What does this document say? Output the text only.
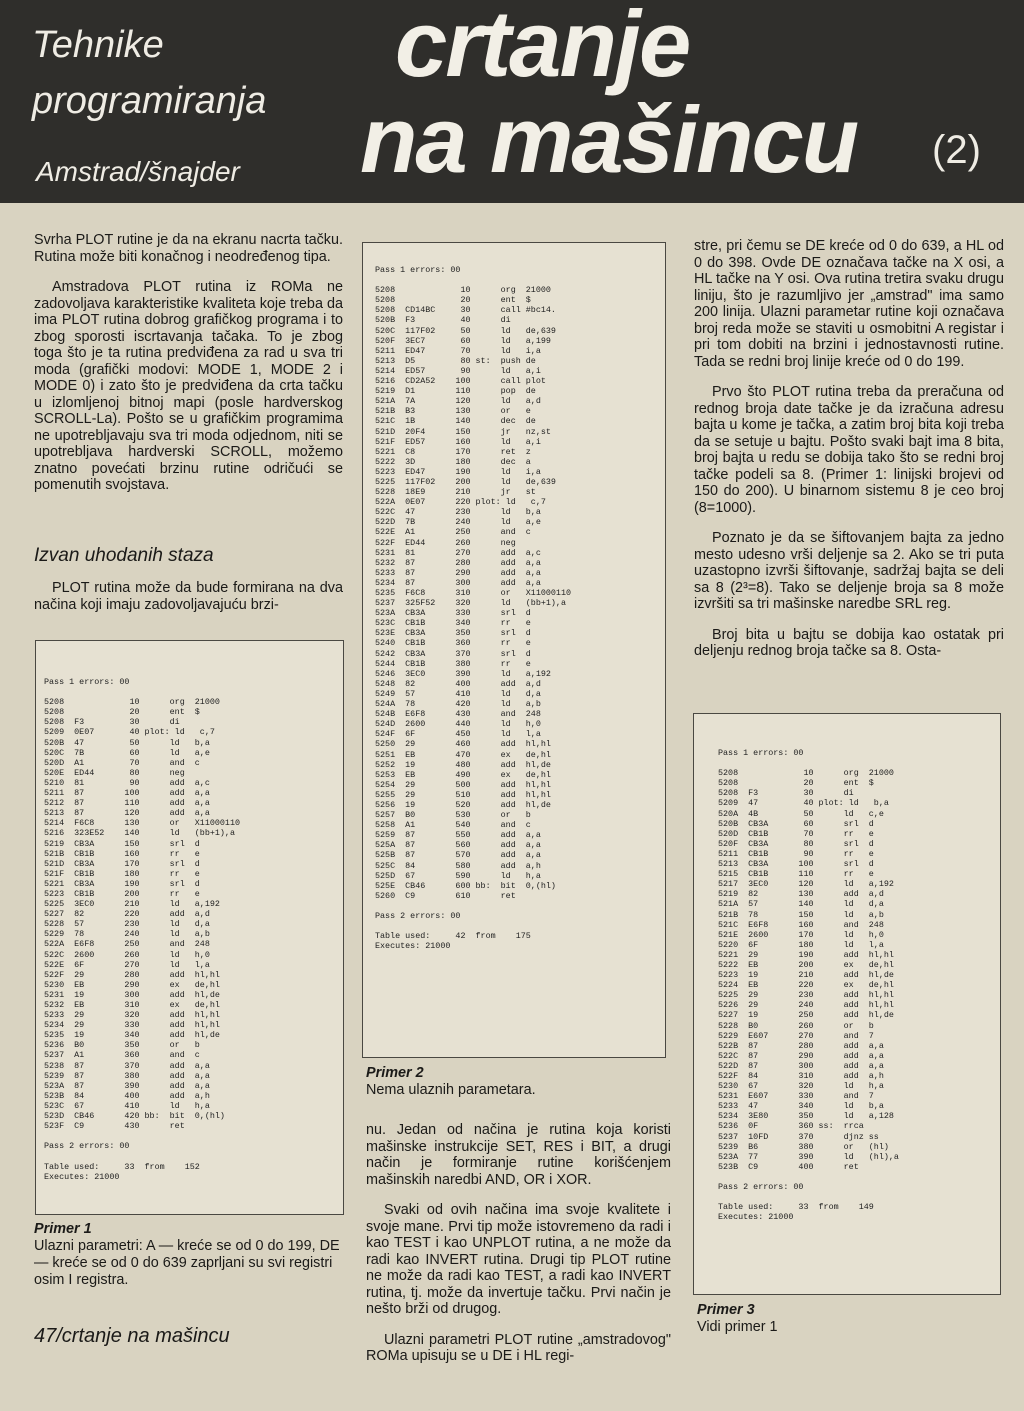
Tehnike
programiranja
Amstrad/šnajder
crtanje
na mašincu (2)

Svrha PLOT rutine je da na ekranu nacrta tačku. Rutina može biti konačnog i neodređenog tipa.

Amstradova PLOT rutina iz ROMa ne zadovoljava karakteristike kvaliteta koje treba da ima PLOT rutina dobrog grafičkog programa i to zbog sporosti iscrtavanja tačaka. To je zbog toga što je ta rutina predviđena za rad u sva tri moda (grafički modovi: MODE 1, MODE 2 i MODE 0) i zato što je predviđena da crta tačku u izlomljenoj bitnoj mapi (posle hardverskog SCROLL-La). Pošto se u grafičkim programima ne upotrebljavaju sva tri moda odjednom, niti se upotrebljava hardverski SCROLL, možemo znatno povećati brzinu rutine odričući se pomenutih svojstava.

Izvan uhodanih staza

PLOT rutina može da bude formirana na dva načina koji imaju zadovoljavajuću brzi-

Pass 1 errors: 00

5208             10      org  21000
5208             20      ent  $
5208  F3         30      di
5209  0E07       40 plot: ld   c,7
520B  47         50      ld   b,a
520C  7B         60      ld   a,e
520D  A1         70      and  c
520E  ED44       80      neg
5210  81         90      add  a,c
5211  87        100      add  a,a
5212  87        110      add  a,a
5213  87        120      add  a,a
5214  F6C8      130      or   X11000110
5216  323E52    140      ld   (bb+1),a
5219  CB3A      150      srl  d
521B  CB1B      160      rr   e
521D  CB3A      170      srl  d
521F  CB1B      180      rr   e
5221  CB3A      190      srl  d
5223  CB1B      200      rr   e
5225  3EC0      210      ld   a,192
5227  82        220      add  a,d
5228  57        230      ld   d,a
5229  78        240      ld   a,b
522A  E6F8      250      and  248
522C  2600      260      ld   h,0
522E  6F        270      ld   l,a
522F  29        280      add  hl,hl
5230  EB        290      ex   de,hl
5231  19        300      add  hl,de
5232  EB        310      ex   de,hl
5233  29        320      add  hl,hl
5234  29        330      add  hl,hl
5235  19        340      add  hl,de
5236  B0        350      or   b
5237  A1        360      and  c
5238  87        370      add  a,a
5239  87        380      add  a,a
523A  87        390      add  a,a
523B  84        400      add  a,h
523C  67        410      ld   h,a
523D  CB46      420 bb:  bit  0,(hl)
523F  C9        430      ret

Pass 2 errors: 00

Table used:     33  from    152
Executes: 21000
Primer 1
Ulazni parametri: A — kreće se od 0 do 199, DE — kreće se od 0 do 639 zaprljani su svi registri osim I registra.
47/crtanje na mašincu
Pass 1 errors: 00

5208             10      org  21000
5208             20      ent  $
5208  CD14BC     30      call #bc14.
520B  F3         40      di
520C  117F02     50      ld   de,639
520F  3EC7       60      ld   a,199
5211  ED47       70      ld   i,a
5213  D5         80 st:  push de
5214  ED57       90      ld   a,i
5216  CD2A52    100      call plot
5219  D1        110      pop  de
521A  7A        120      ld   a,d
521B  B3        130      or   e
521C  1B        140      dec  de
521D  20F4      150      jr   nz,st
521F  ED57      160      ld   a,i
5221  C8        170      ret  z
5222  3D        180      dec  a
5223  ED47      190      ld   i,a
5225  117F02    200      ld   de,639
5228  18E9      210      jr   st
522A  0E07      220 plot: ld   c,7
522C  47        230      ld   b,a
522D  7B        240      ld   a,e
522E  A1        250      and  c
522F  ED44      260      neg
5231  81        270      add  a,c
5232  87        280      add  a,a
5233  87        290      add  a,a
5234  87        300      add  a,a
5235  F6C8      310      or   X11000110
5237  325F52    320      ld   (bb+1),a
523A  CB3A      330      srl  d
523C  CB1B      340      rr   e
523E  CB3A      350      srl  d
5240  CB1B      360      rr   e
5242  CB3A      370      srl  d
5244  CB1B      380      rr   e
5246  3EC0      390      ld   a,192
5248  82        400      add  a,d
5249  57        410      ld   d,a
524A  78        420      ld   a,b
524B  E6F8      430      and  248
524D  2600      440      ld   h,0
524F  6F        450      ld   l,a
5250  29        460      add  hl,hl
5251  EB        470      ex   de,hl
5252  19        480      add  hl,de
5253  EB        490      ex   de,hl
5254  29        500      add  hl,hl
5255  29        510      add  hl,hl
5256  19        520      add  hl,de
5257  B0        530      or   b
5258  A1        540      and  c
5259  87        550      add  a,a
525A  87        560      add  a,a
525B  87        570      add  a,a
525C  84        580      add  a,h
525D  67        590      ld   h,a
525E  CB46      600 bb:  bit  0,(hl)
5260  C9        610      ret

Pass 2 errors: 00

Table used:     42  from    175
Executes: 21000
Primer 2
Nema ulaznih parametara.

nu. Jedan od načina je rutina koja koristi mašinske instrukcije SET, RES i BIT, a drugi način je formiranje rutine korišćenjem mašinskih naredbi AND, OR i XOR.

Svaki od ovih načina ima svoje kvalitete i svoje mane. Prvi tip može istovremeno da radi i kao TEST i kao UNPLOT rutina, a ne može da radi kao INVERT rutina. Drugi tip PLOT rutine ne može da radi kao TEST, a radi kao INVERT rutina, tj. može da invertuje tačku. Prvi način je nešto brži od drugog.

Ulazni parametri PLOT rutine „amstradovog" ROMa upisuju se u DE i HL regi-

stre, pri čemu se DE kreće od 0 do 639, a HL od 0 do 398. Ovde DE označava tačke na X osi, a HL tačke na Y osi. Ova rutina tretira svaku drugu liniju, što je razumljivo jer „amstrad" ima samo 200 linija. Ulazni parametar rutine koji označava broj reda može se staviti u osmobitni A registar i pri tom dobiti na brzini i jednostavnosti rutine. Tada se redni broj linije kreće od 0 do 199.

Prvo što PLOT rutina treba da preračuna od rednog broja date tačke je da izračuna adresu bajta u kome je tačka, a zatim broj bita koji treba da se setuje u bajtu. Pošto svaki bajt ima 8 bita, broj bajta u redu se dobija tako što se redni broj tačke podeli sa 8. (Primer 1: linijski brojevi od 150 do 200). U binarnom sistemu 8 je ceo broj (8=1000).

Poznato je da se šiftovanjem bajta za jedno mesto udesno vrši deljenje sa 2. Ako se tri puta uzastopno izvrši šiftovanje, sadržaj bajta se deli sa 8 (2³=8). Tako se deljenje broja sa 8 može izvršiti sa tri mašinske naredbe SRL reg.

Broj bita u bajtu se dobija kao ostatak pri deljenju rednog broja tačke sa 8. Osta-

Pass 1 errors: 00

5208             10      org  21000
5208             20      ent  $
5208  F3         30      di
5209  47         40 plot: ld   b,a
520A  4B         50      ld   c,e
520B  CB3A       60      srl  d
520D  CB1B       70      rr   e
520F  CB3A       80      srl  d
5211  CB1B       90      rr   e
5213  CB3A      100      srl  d
5215  CB1B      110      rr   e
5217  3EC0      120      ld   a,192
5219  82        130      add  a,d
521A  57        140      ld   d,a
521B  78        150      ld   a,b
521C  E6F8      160      and  248
521E  2600      170      ld   h,0
5220  6F        180      ld   l,a
5221  29        190      add  hl,hl
5222  EB        200      ex   de,hl
5223  19        210      add  hl,de
5224  EB        220      ex   de,hl
5225  29        230      add  hl,hl
5226  29        240      add  hl,hl
5227  19        250      add  hl,de
5228  B0        260      or   b
5229  E607      270      and  7
522B  87        280      add  a,a
522C  87        290      add  a,a
522D  87        300      add  a,a
522F  84        310      add  a,h
5230  67        320      ld   h,a
5231  E607      330      and  7
5233  47        340      ld   b,a
5234  3E80      350      ld   a,128
5236  0F        360 ss:  rrca
5237  10FD      370      djnz ss
5239  B6        380      or   (hl)
523A  77        390      ld   (hl),a
523B  C9        400      ret

Pass 2 errors: 00

Table used:     33  from    149
Executes: 21000
Primer 3
Vidi primer 1
